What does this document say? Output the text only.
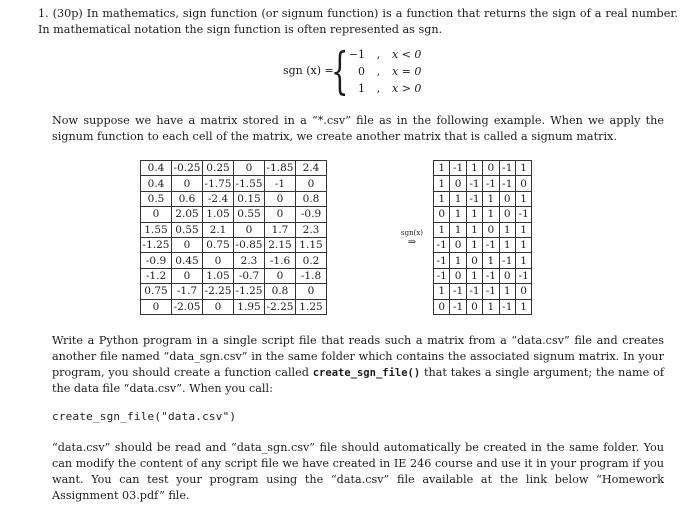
1. (30p) In mathematics, sign function (or signum function) is a function that returns the sign of a real number. In mathematical notation the sign function is often represented as sgn.
sgn (x) =
{ −1 , x < 0
0 , x = 0
1 , x > 0
Now suppose we have a matrix stored in a “*.csv” file as in the following example. When we apply the signum function to each cell of the matrix, we create another matrix that is called a signum matrix.
0.4	-0.25	0.25	0	-1.85	2.4
0.4	0	-1.75	-1.55	-1	0
0.5	0.6	-2.4	0.15	0	0.8
0	2.05	1.05	0.55	0	-0.9
1.55	0.55	2.1	0	1.7	2.3
-1.25	0	0.75	-0.85	2.15	1.15
-0.9	0.45	0	2.3	-1.6	0.2
-1.2	0	1.05	-0.7	0	-1.8
0.75	-1.7	-2.25	-1.25	0.8	0
0	-2.05	0	1.95	-2.25	1.25
sgn(x)
⇒
1	-1	1	0	-1	1
1	0	-1	-1	-1	0
1	1	-1	1	0	1
0	1	1	1	0	-1
1	1	1	0	1	1
-1	0	1	-1	1	1
-1	1	0	1	-1	1
-1	0	1	-1	0	-1
1	-1	-1	-1	1	0
0	-1	0	1	-1	1
Write a Python program in a single script file that reads such a matrix from a “data.csv” file and creates another file named “data_sgn.csv” in the same folder which contains the associated signum matrix. In your program, you should create a function called create_sgn_file() that takes a single argument; the name of the data file “data.csv”. When you call:
create_sgn_file("data.csv")
“data.csv” should be read and “data_sgn.csv” file should automatically be created in the same folder. You can modify the content of any script file we have created in IE 246 course and use it in your program if you want. You can test your program using the “data.csv” file available at the link below “Homework Assignment 03.pdf” file.
